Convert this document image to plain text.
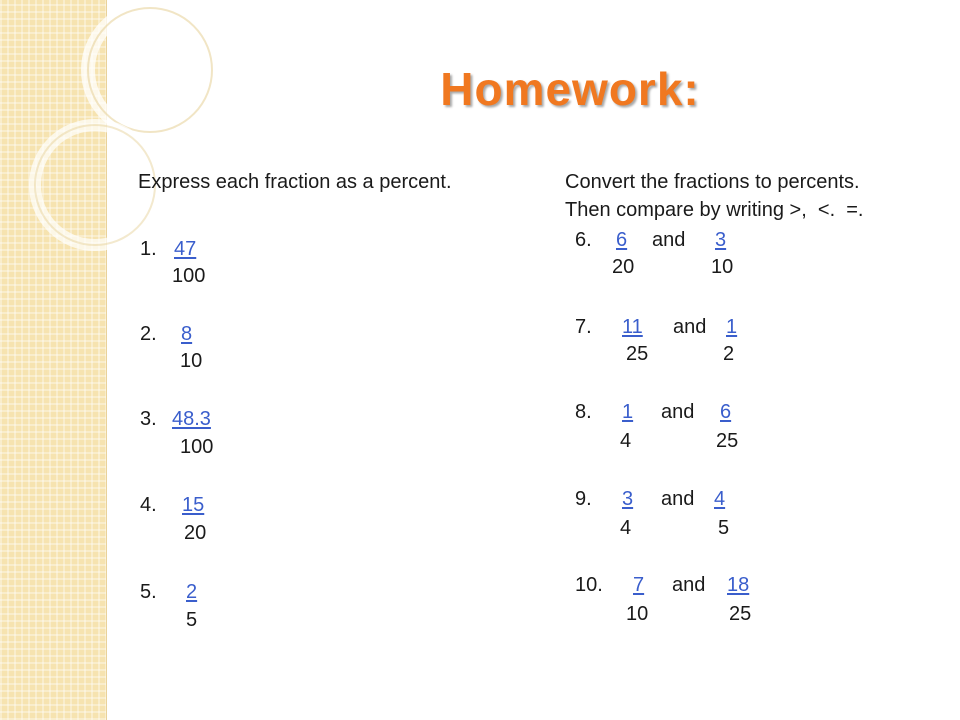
Homework:
Express each fraction as a percent.
1. 47
100
2. 8
10
3. 48.3
100
4. 15
20
5. 2
5
Convert the fractions to percents.
Then compare by writing >,  <.  =.
6. 6 and 3
20	10
7. 11 and 1
25	2
8. 1 and 6
4	25
9. 3 and 4
4	5
10. 7 and 18
10	25
